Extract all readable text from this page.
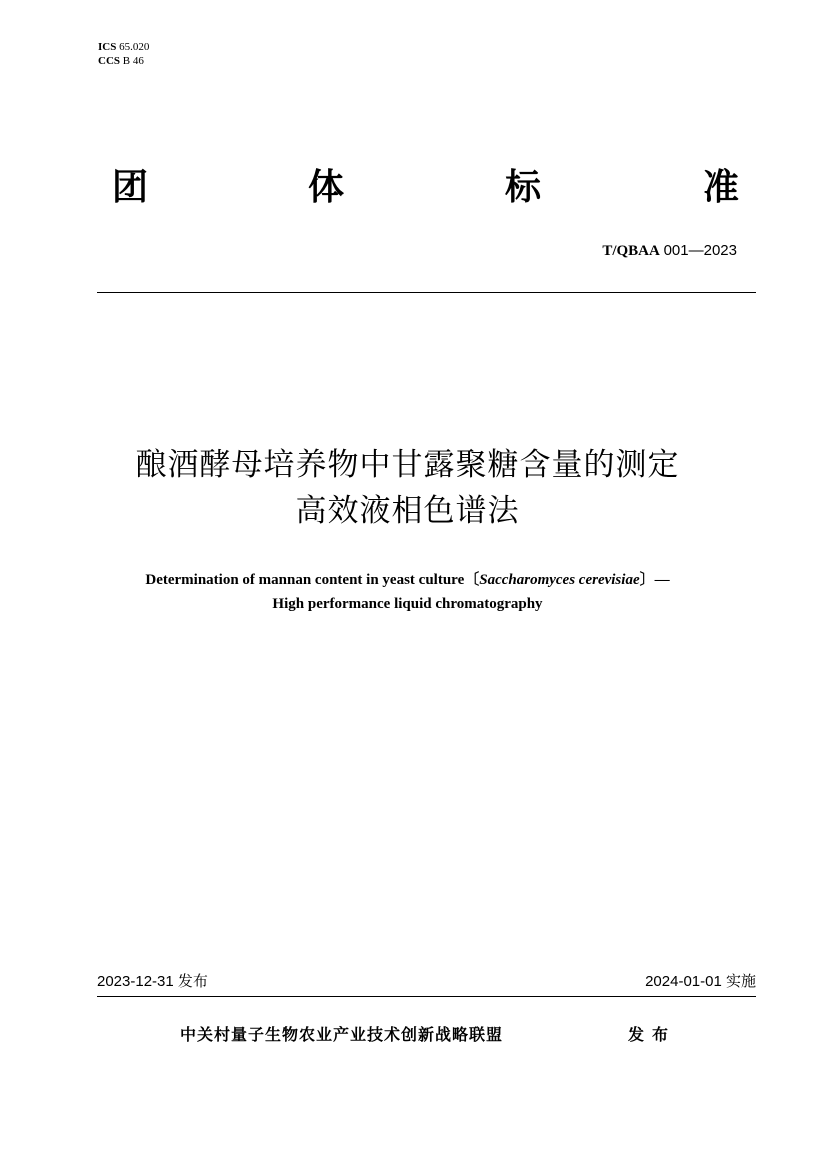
ICS 65.020
CCS B 46
团	体	标	准
T/QBAA 001—2023
酿酒酵母培养物中甘露聚糖含量的测定
高效液相色谱法
Determination of mannan content in yeast culture〔Saccharomyces cerevisiae〕—
High performance liquid chromatography
2023-12-31 发布	2024-01-01 实施
中关村量子生物农业产业技术创新战略联盟	发布
